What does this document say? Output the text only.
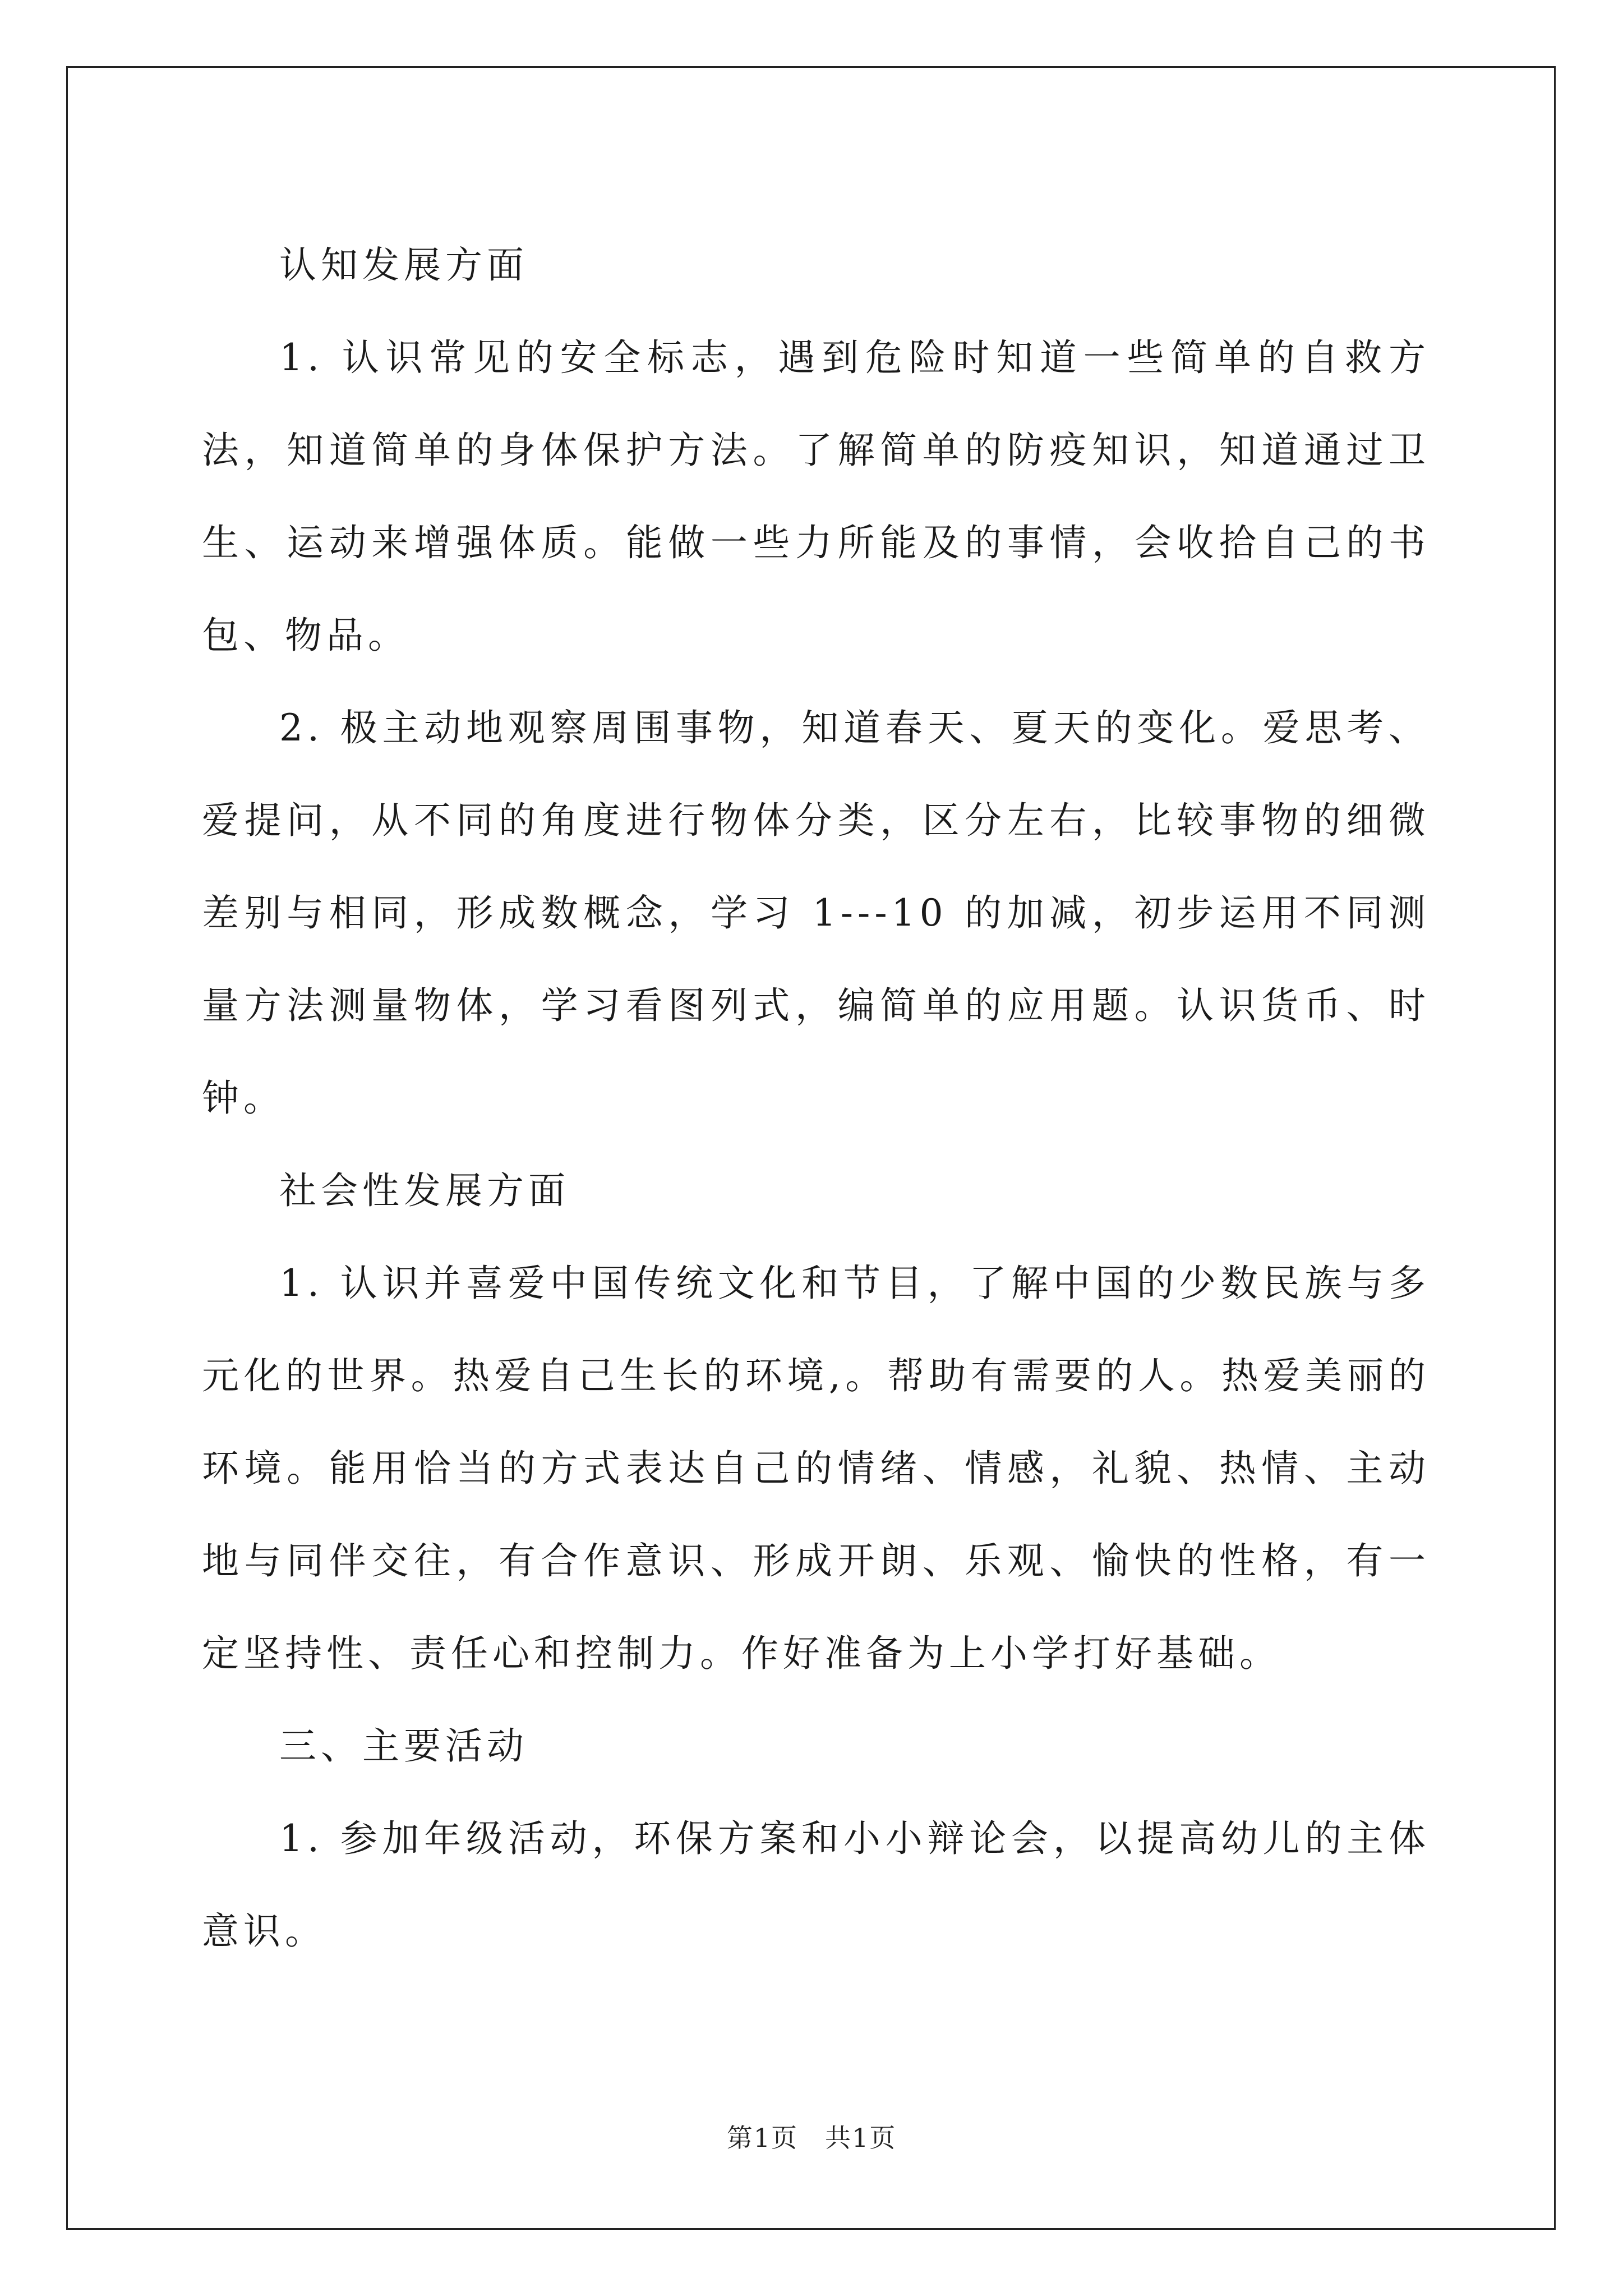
认知发展方面

1. 认识常见的安全标志，遇到危险时知道一些简单的自救方法，知道简单的身体保护方法。了解简单的防疫知识，知道通过卫生、运动来增强体质。能做一些力所能及的事情，会收拾自己的书包、物品。

2. 极主动地观察周围事物，知道春天、夏天的变化。爱思考、爱提问，从不同的角度进行物体分类，区分左右，比较事物的细微差别与相同，形成数概念，学习 1---10 的加减，初步运用不同测量方法测量物体，学习看图列式，编简单的应用题。认识货币、时钟。

社会性发展方面

1. 认识并喜爱中国传统文化和节目，了解中国的少数民族与多元化的世界。热爱自己生长的环境,。帮助有需要的人。热爱美丽的环境。能用恰当的方式表达自己的情绪、情感，礼貌、热情、主动地与同伴交往，有合作意识、形成开朗、乐观、愉快的性格，有一定坚持性、责任心和控制力。作好准备为上小学打好基础。

三、主要活动

1. 参加年级活动，环保方案和小小辩论会，以提高幼儿的主体意识。

第1页　共1页
